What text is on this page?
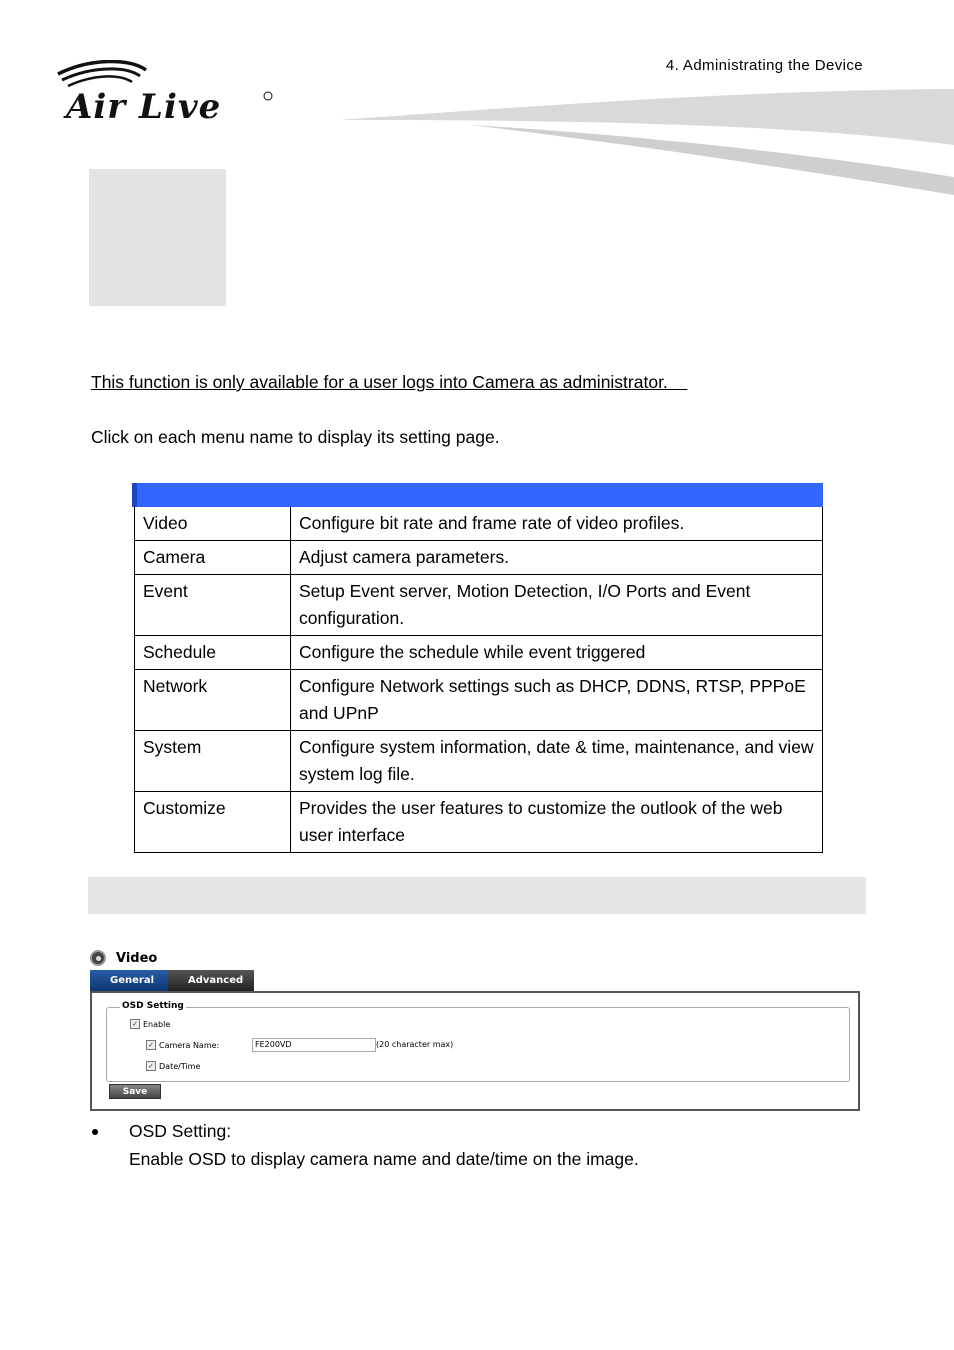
4. Administrating the Device
Air Live
This function is only available for a user logs into Camera as administrator.
Click on each menu name to display its setting page.

Video	Configure bit rate and frame rate of video profiles.
Camera	Adjust camera parameters.
Event	Setup Event server, Motion Detection, I/O Ports and Event configuration.
Schedule	Configure the schedule while event triggered
Network	Configure Network settings such as DHCP, DDNS, RTSP, PPPoE and UPnP
System	Configure system information, date & time, maintenance, and view system log file.
Customize	Provides the user features to customize the outlook of the web user interface
Video
General	Advanced
OSD Setting
✓ Enable
✓ Camera Name:	FE200VD	(20 character max)
✓ Date/Time
Save
OSD Setting:
Enable OSD to display camera name and date/time on the image.
